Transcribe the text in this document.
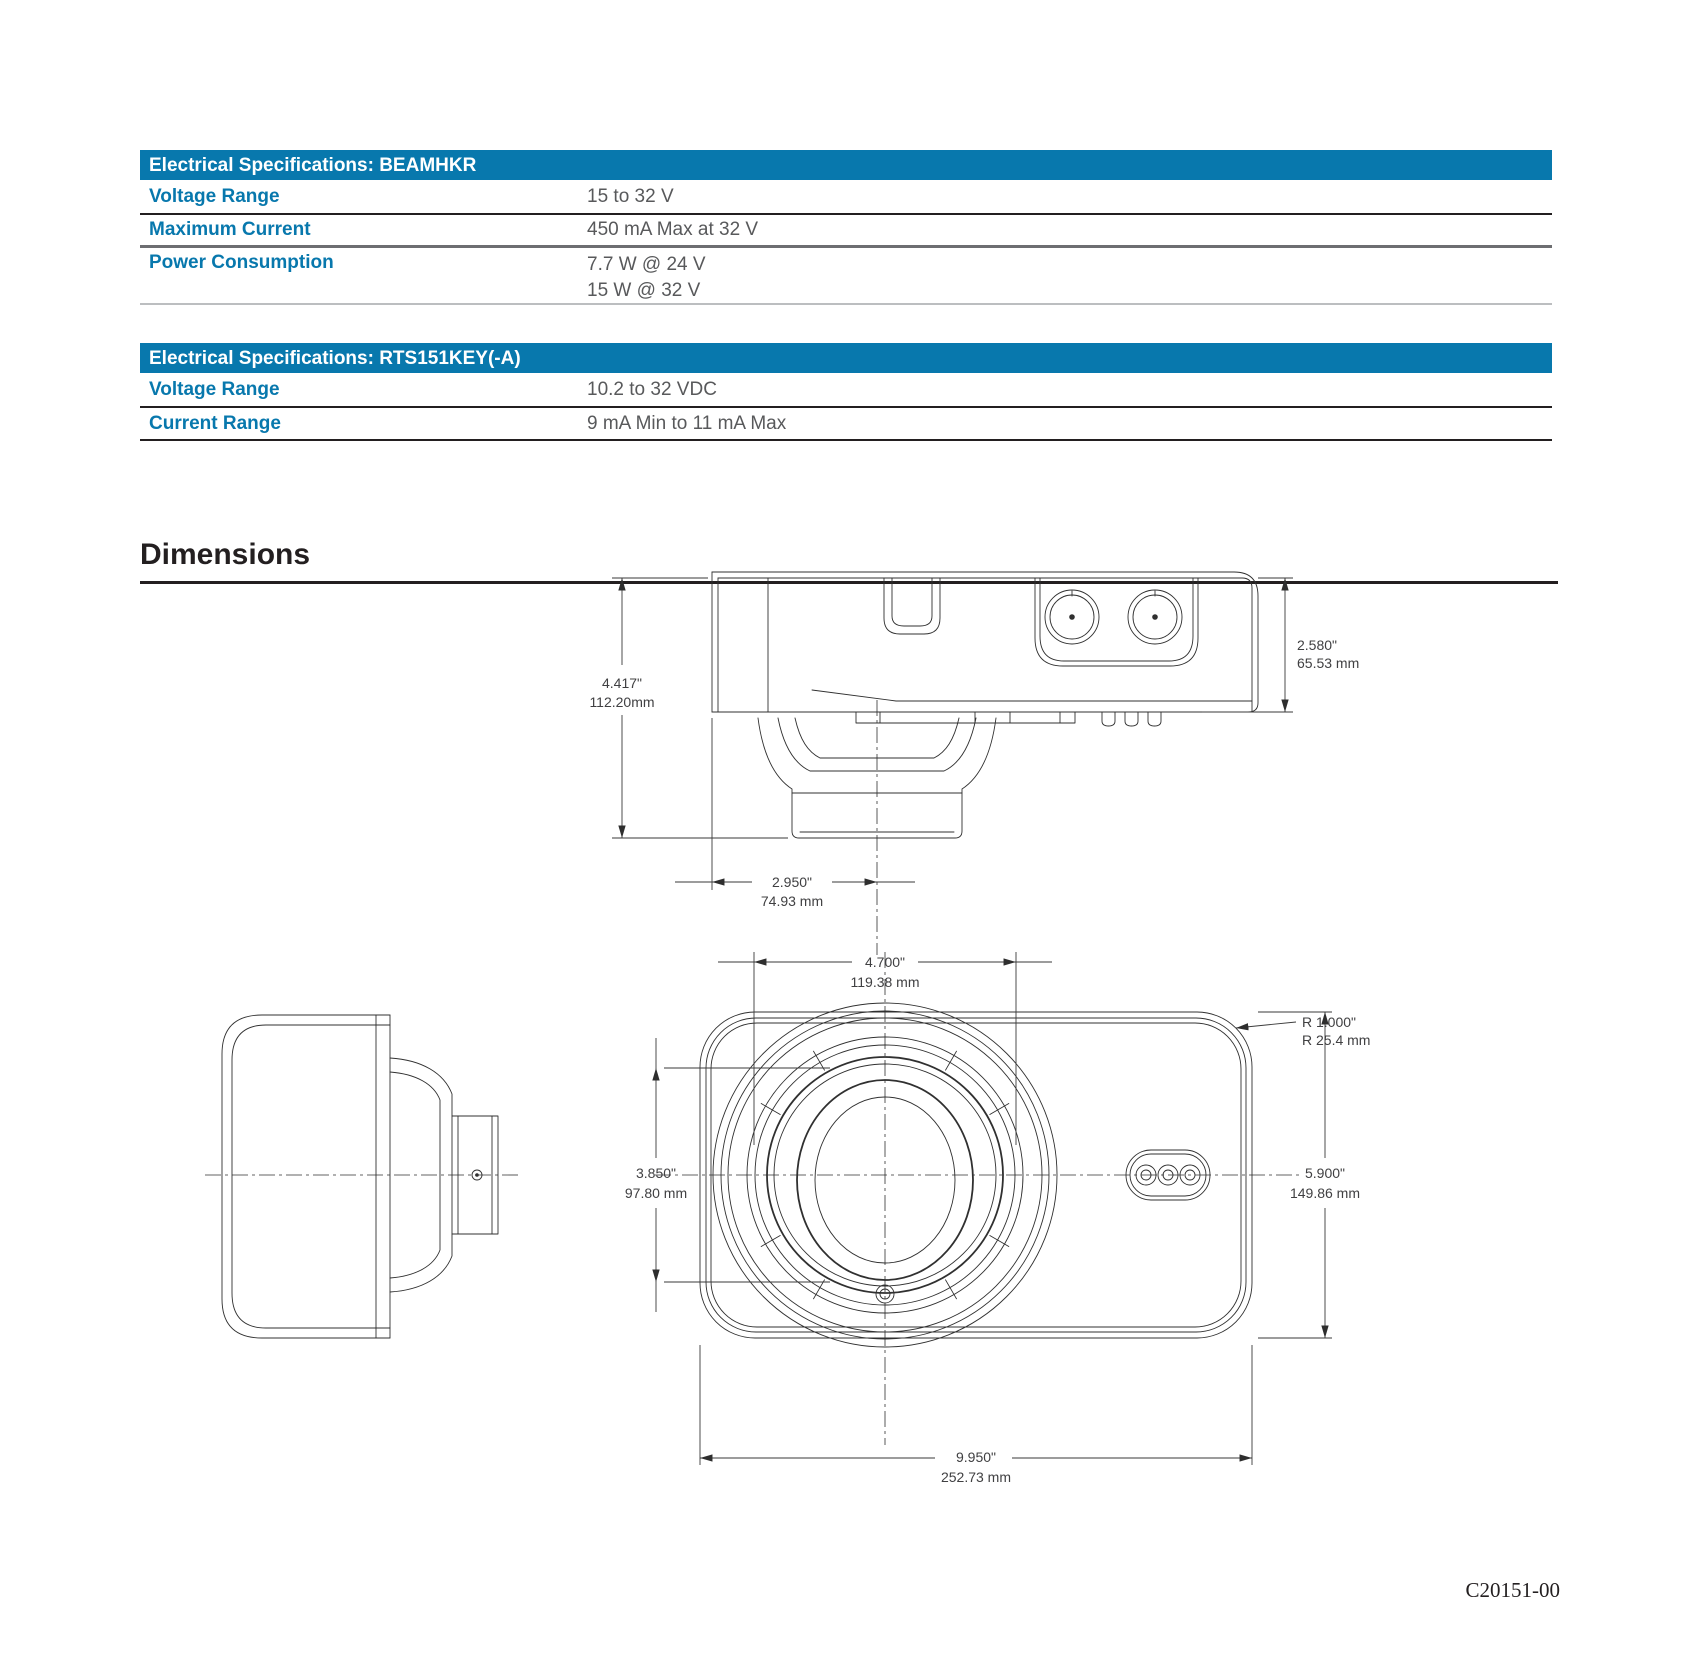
Electrical Specifications: BEAMHKR
Voltage Range	15 to 32 V
Maximum Current	450 mA Max at 32 V
Power Consumption	7.7 W @ 24 V
15 W @ 32 V
Electrical Specifications: RTS151KEY(-A)
Voltage Range	10.2 to 32 VDC
Current Range	9 mA Min to 11 mA Max
Dimensions
4.417"
112.20mm
2.580"
65.53 mm
2.950"
74.93 mm
4.700"
119.38 mm
R 1.000"
R 25.4 mm
3.850"
97.80 mm
5.900"
149.86 mm
9.950"
252.73 mm
C20151-00
